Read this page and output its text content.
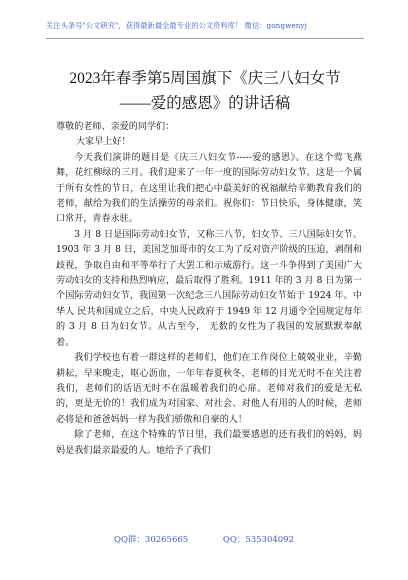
关注头条号"公文研究"，获得最新最全最专业的公文资料库！ 微信：gongwenyj
2023年春季第5周国旗下《庆三八妇女节
——爱的感恩》的讲话稿

尊敬的老师、亲爱的同学们：

大家早上好！

今天我们演讲的题目是《庆三八妇女节-----爱的感恩》。在这个莺飞燕舞，花红柳绿的三月。我们迎来了一年一度的国际劳动妇女节。这是一个属于所有女性的节日，在这里让我们把心中最美好的祝福献给辛勤教育我们的老师，献给为我们的生活操劳的母亲们。祝你们：节日快乐，身体健康，笑口常开，青春永驻。

3 月 8 日是国际劳动妇女节，又称三八节，妇女节、三八国际妇女节。1903 年 3 月 8 日，美国芝加哥市的女工为了反对资产阶级的压迫，剥削和歧视，争取自由和平等举行了大罢工和示威游行。这一斗争得到了美国广大劳动妇女的支持和热烈响应，最后取得了胜利。1911 年的 3 月 8 日为第一个国际劳动妇女节，我国第一次纪念三八国际劳动妇女节始于 1924 年。中华人 民共和国成立之后，中央人民政府于 1949 年 12 月通令全国规定每年的 3 月 8 日为妇女节。从古至今， 无数的女性为了我国的发展默默奉献着。

我们学校也有着一群这样的老师们，他们在工作岗位上兢兢业业，辛勤耕耘，早来晚走，呕心沥血，一年年春夏秋冬，老师的目光无时不在关注着我们，老师们的话语无时不在温暖着我们的心扉。老师对我们的爱是无私的，更是无价的！我们成为对国家、对社会、对他人有用的人的时候，老师必将是和爸爸妈妈一样为我们骄傲和自豪的人！

除了老师，在这个特殊的节日里，我们最要感恩的还有我们的妈妈，妈妈是我们最亲最爱的人。她给予了我们

QQ群：30265665	QQ：535304092
